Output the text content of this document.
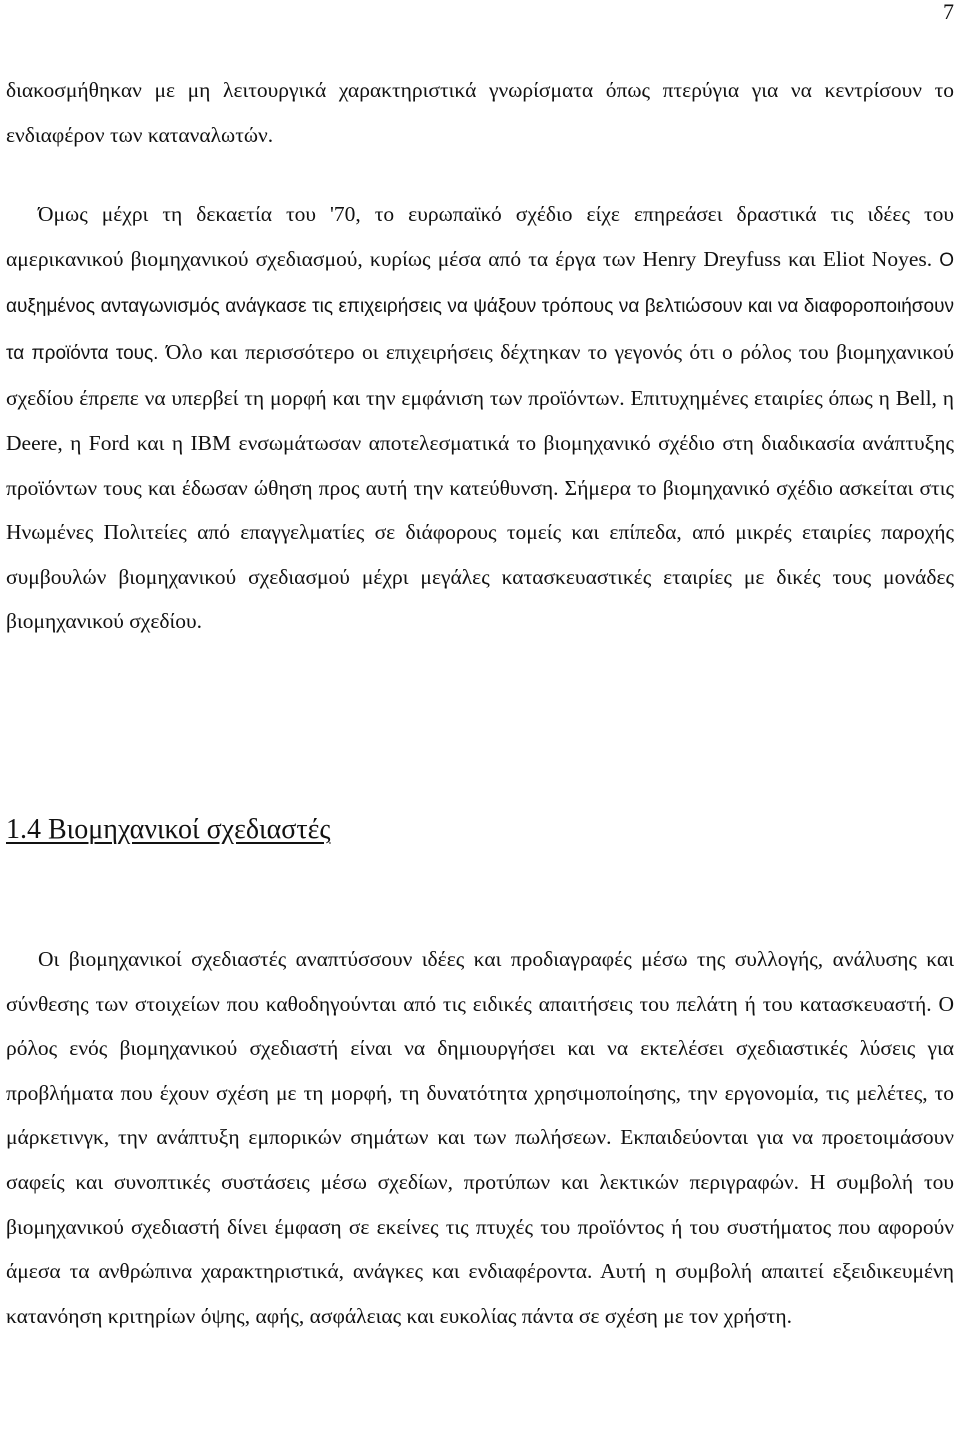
7
διακοσμήθηκαν με μη λειτουργικά χαρακτηριστικά γνωρίσματα όπως πτερύγια για να κεντρίσουν το ενδιαφέρον των καταναλωτών.
Όμως μέχρι τη δεκαετία του '70, το ευρωπαϊκό σχέδιο είχε επηρεάσει δραστικά τις ιδέες του αμερικανικού βιομηχανικού σχεδιασμού, κυρίως μέσα από τα έργα των Henry Dreyfuss και Eliot Noyes. Ο αυξημένος ανταγωνισμός ανάγκασε τις επιχειρήσεις να ψάξουν τρόπους να βελτιώσουν και να διαφοροποιήσουν τα προϊόντα τους. Όλο και περισσότερο οι επιχειρήσεις δέχτηκαν το γεγονός ότι ο ρόλος του βιομηχανικού σχεδίου έπρεπε να υπερβεί τη μορφή και την εμφάνιση των προϊόντων. Επιτυχημένες εταιρίες όπως η Bell, η Deere, η Ford και η IBM ενσωμάτωσαν αποτελεσματικά το βιομηχανικό σχέδιο στη διαδικασία ανάπτυξης προϊόντων τους και έδωσαν ώθηση προς αυτή την κατεύθυνση. Σήμερα το βιομηχανικό σχέδιο ασκείται στις Ηνωμένες Πολιτείες από επαγγελματίες σε διάφορους τομείς και επίπεδα, από μικρές εταιρίες παροχής συμβουλών βιομηχανικού σχεδιασμού μέχρι μεγάλες κατασκευαστικές εταιρίες με δικές τους μονάδες βιομηχανικού σχεδίου.
1.4 Βιομηχανικοί σχεδιαστές
Οι βιομηχανικοί σχεδιαστές αναπτύσσουν ιδέες και προδιαγραφές μέσω της συλλογής, ανάλυσης και σύνθεσης των στοιχείων που καθοδηγούνται από τις ειδικές απαιτήσεις του πελάτη ή του κατασκευαστή. Ο ρόλος ενός βιομηχανικού σχεδιαστή είναι να δημιουργήσει και να εκτελέσει σχεδιαστικές λύσεις για προβλήματα που έχουν σχέση με τη μορφή, τη δυνατότητα χρησιμοποίησης, την εργονομία, τις μελέτες, το μάρκετινγκ, την ανάπτυξη εμπορικών σημάτων και των πωλήσεων. Εκπαιδεύονται για να προετοιμάσουν σαφείς και συνοπτικές συστάσεις μέσω σχεδίων, προτύπων και λεκτικών περιγραφών. Η συμβολή του βιομηχανικού σχεδιαστή δίνει έμφαση σε εκείνες τις πτυχές του προϊόντος ή του συστήματος που αφορούν άμεσα τα ανθρώπινα χαρακτηριστικά, ανάγκες και ενδιαφέροντα. Αυτή η συμβολή απαιτεί εξειδικευμένη κατανόηση κριτηρίων όψης, αφής, ασφάλειας και ευκολίας πάντα σε σχέση με τον χρήστη.
